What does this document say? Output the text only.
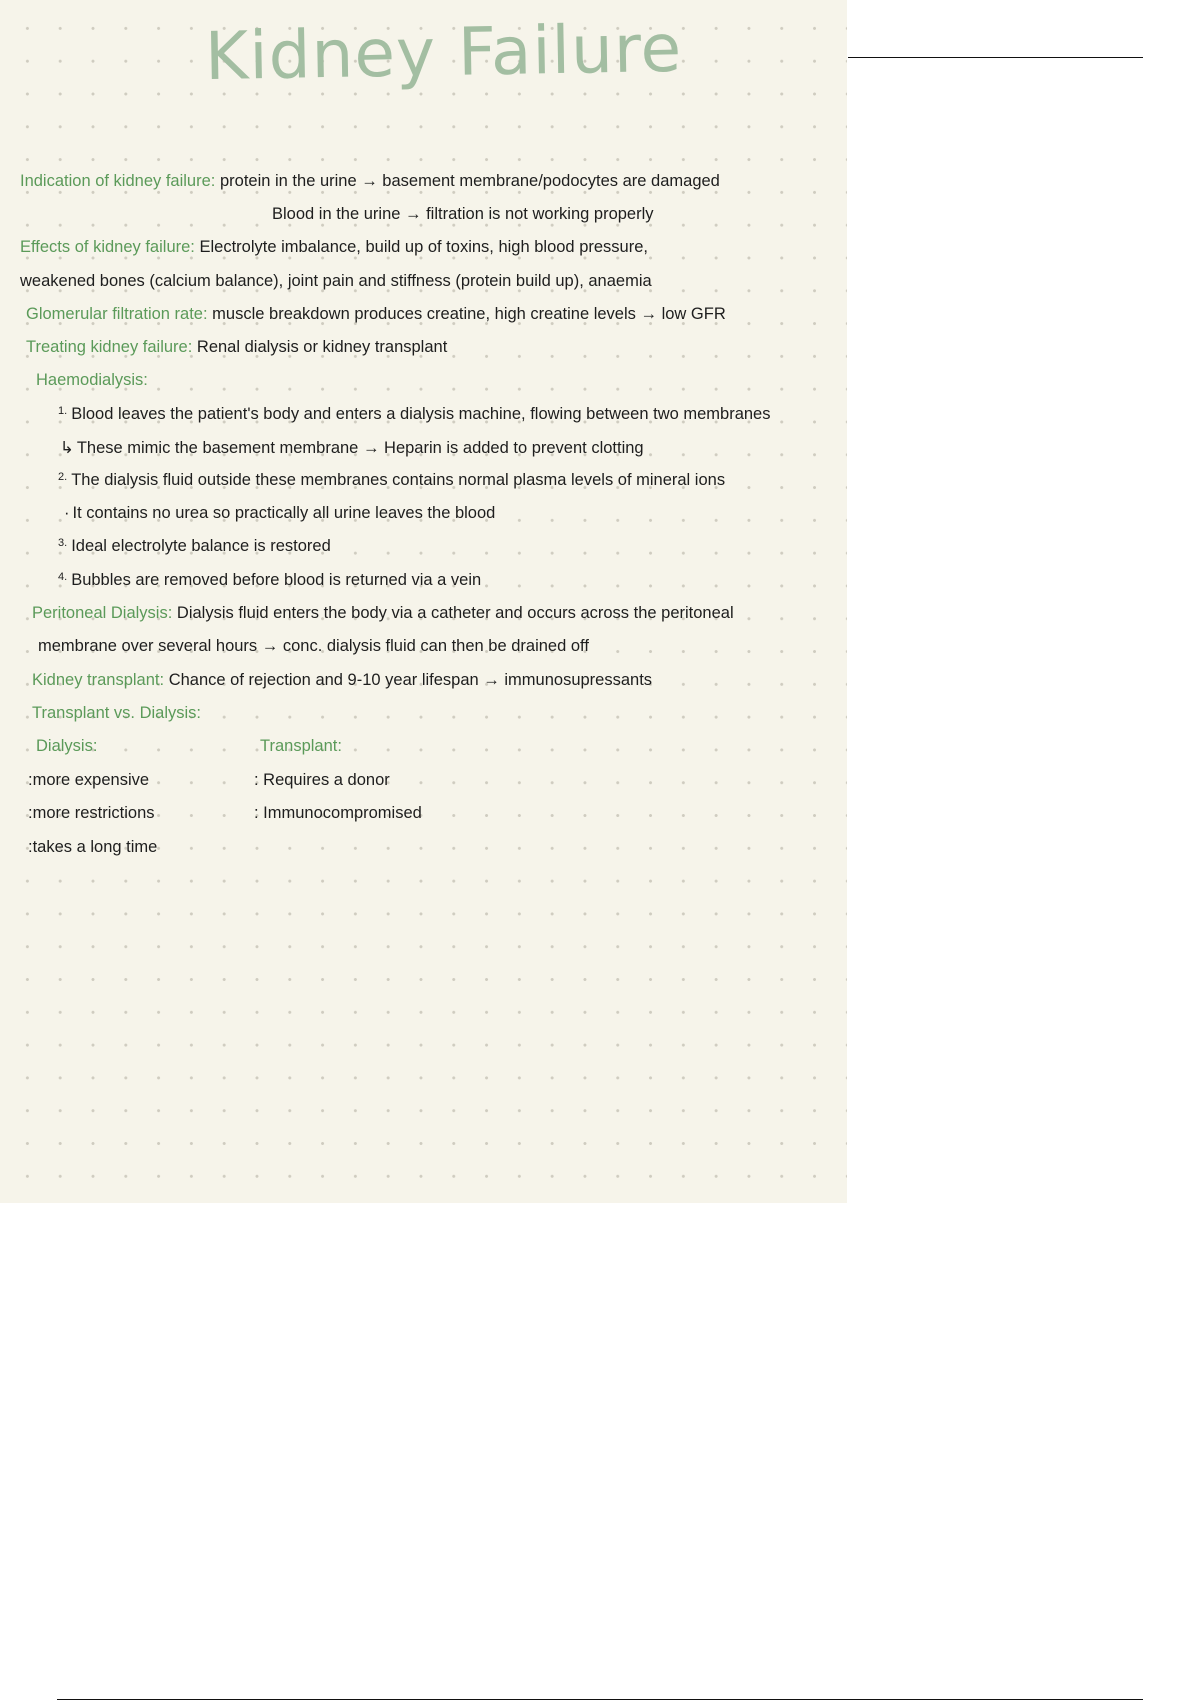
Kidney Failure
Indication of kidney failure: protein in the urine → basement membrane/podocytes are damaged
Blood in the urine → filtration is not working properly
Effects of kidney failure: Electrolyte imbalance, build up of toxins, high blood pressure,
weakened bones (calcium balance), joint pain and stiffness (protein build up), anaemia
Glomerular filtration rate: muscle breakdown produces creatine, high creatine levels → low GFR
Treating kidney failure: Renal dialysis or kidney transplant
Haemodialysis:
1. Blood leaves the patient's body and enters a dialysis machine, flowing between two membranes
↳ These mimic the basement membrane → Heparin is added to prevent clotting
2. The dialysis fluid outside these membranes contains normal plasma levels of mineral ions
· It contains no urea so practically all urine leaves the blood
3. Ideal electrolyte balance is restored
4. Bubbles are removed before blood is returned via a vein
Peritoneal Dialysis: Dialysis fluid enters the body via a catheter and occurs across the peritoneal
membrane over several hours → conc. dialysis fluid can then be drained off
Kidney transplant: Chance of rejection and 9-10 year lifespan → immunosupressants
Transplant vs. Dialysis:
Dialysis:	Transplant:
:more expensive
:more restrictions
:takes a long time
: Requires a donor
: Immunocompromised
